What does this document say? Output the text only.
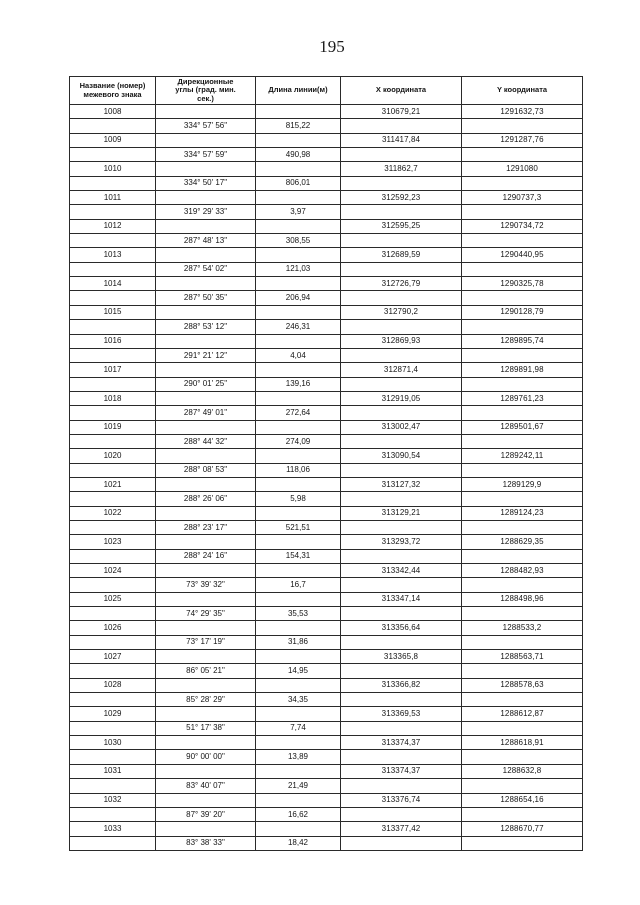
195
Название (номер)
межевого знака	Дирекционные
углы (град. мин.
сек.)	Длина линии(м)	X координата	Y координата
1008			310679,21	1291632,73
	334° 57' 56"	815,22		
1009			311417,84	1291287,76
	334° 57' 59"	490,98		
1010			311862,7	1291080
	334° 50' 17"	806,01		
1011			312592,23	1290737,3
	319° 29' 33"	3,97		
1012			312595,25	1290734,72
	287° 48' 13"	308,55		
1013			312689,59	1290440,95
	287° 54' 02"	121,03		
1014			312726,79	1290325,78
	287° 50' 35"	206,94		
1015			312790,2	1290128,79
	288° 53' 12"	246,31		
1016			312869,93	1289895,74
	291° 21' 12"	4,04		
1017			312871,4	1289891,98
	290° 01' 25"	139,16		
1018			312919,05	1289761,23
	287° 49' 01"	272,64		
1019			313002,47	1289501,67
	288° 44' 32"	274,09		
1020			313090,54	1289242,11
	288° 08' 53"	118,06		
1021			313127,32	1289129,9
	288° 26' 06"	5,98		
1022			313129,21	1289124,23
	288° 23' 17"	521,51		
1023			313293,72	1288629,35
	288° 24' 16"	154,31		
1024			313342,44	1288482,93
	73° 39' 32"	16,7		
1025			313347,14	1288498,96
	74° 29' 35"	35,53		
1026			313356,64	1288533,2
	73° 17' 19"	31,86		
1027			313365,8	1288563,71
	86° 05' 21"	14,95		
1028			313366,82	1288578,63
	85° 28' 29"	34,35		
1029			313369,53	1288612,87
	51° 17' 38"	7,74		
1030			313374,37	1288618,91
	90° 00' 00"	13,89		
1031			313374,37	1288632,8
	83° 40' 07"	21,49		
1032			313376,74	1288654,16
	87° 39' 20"	16,62		
1033			313377,42	1288670,77
	83° 38' 33"	18,42		
